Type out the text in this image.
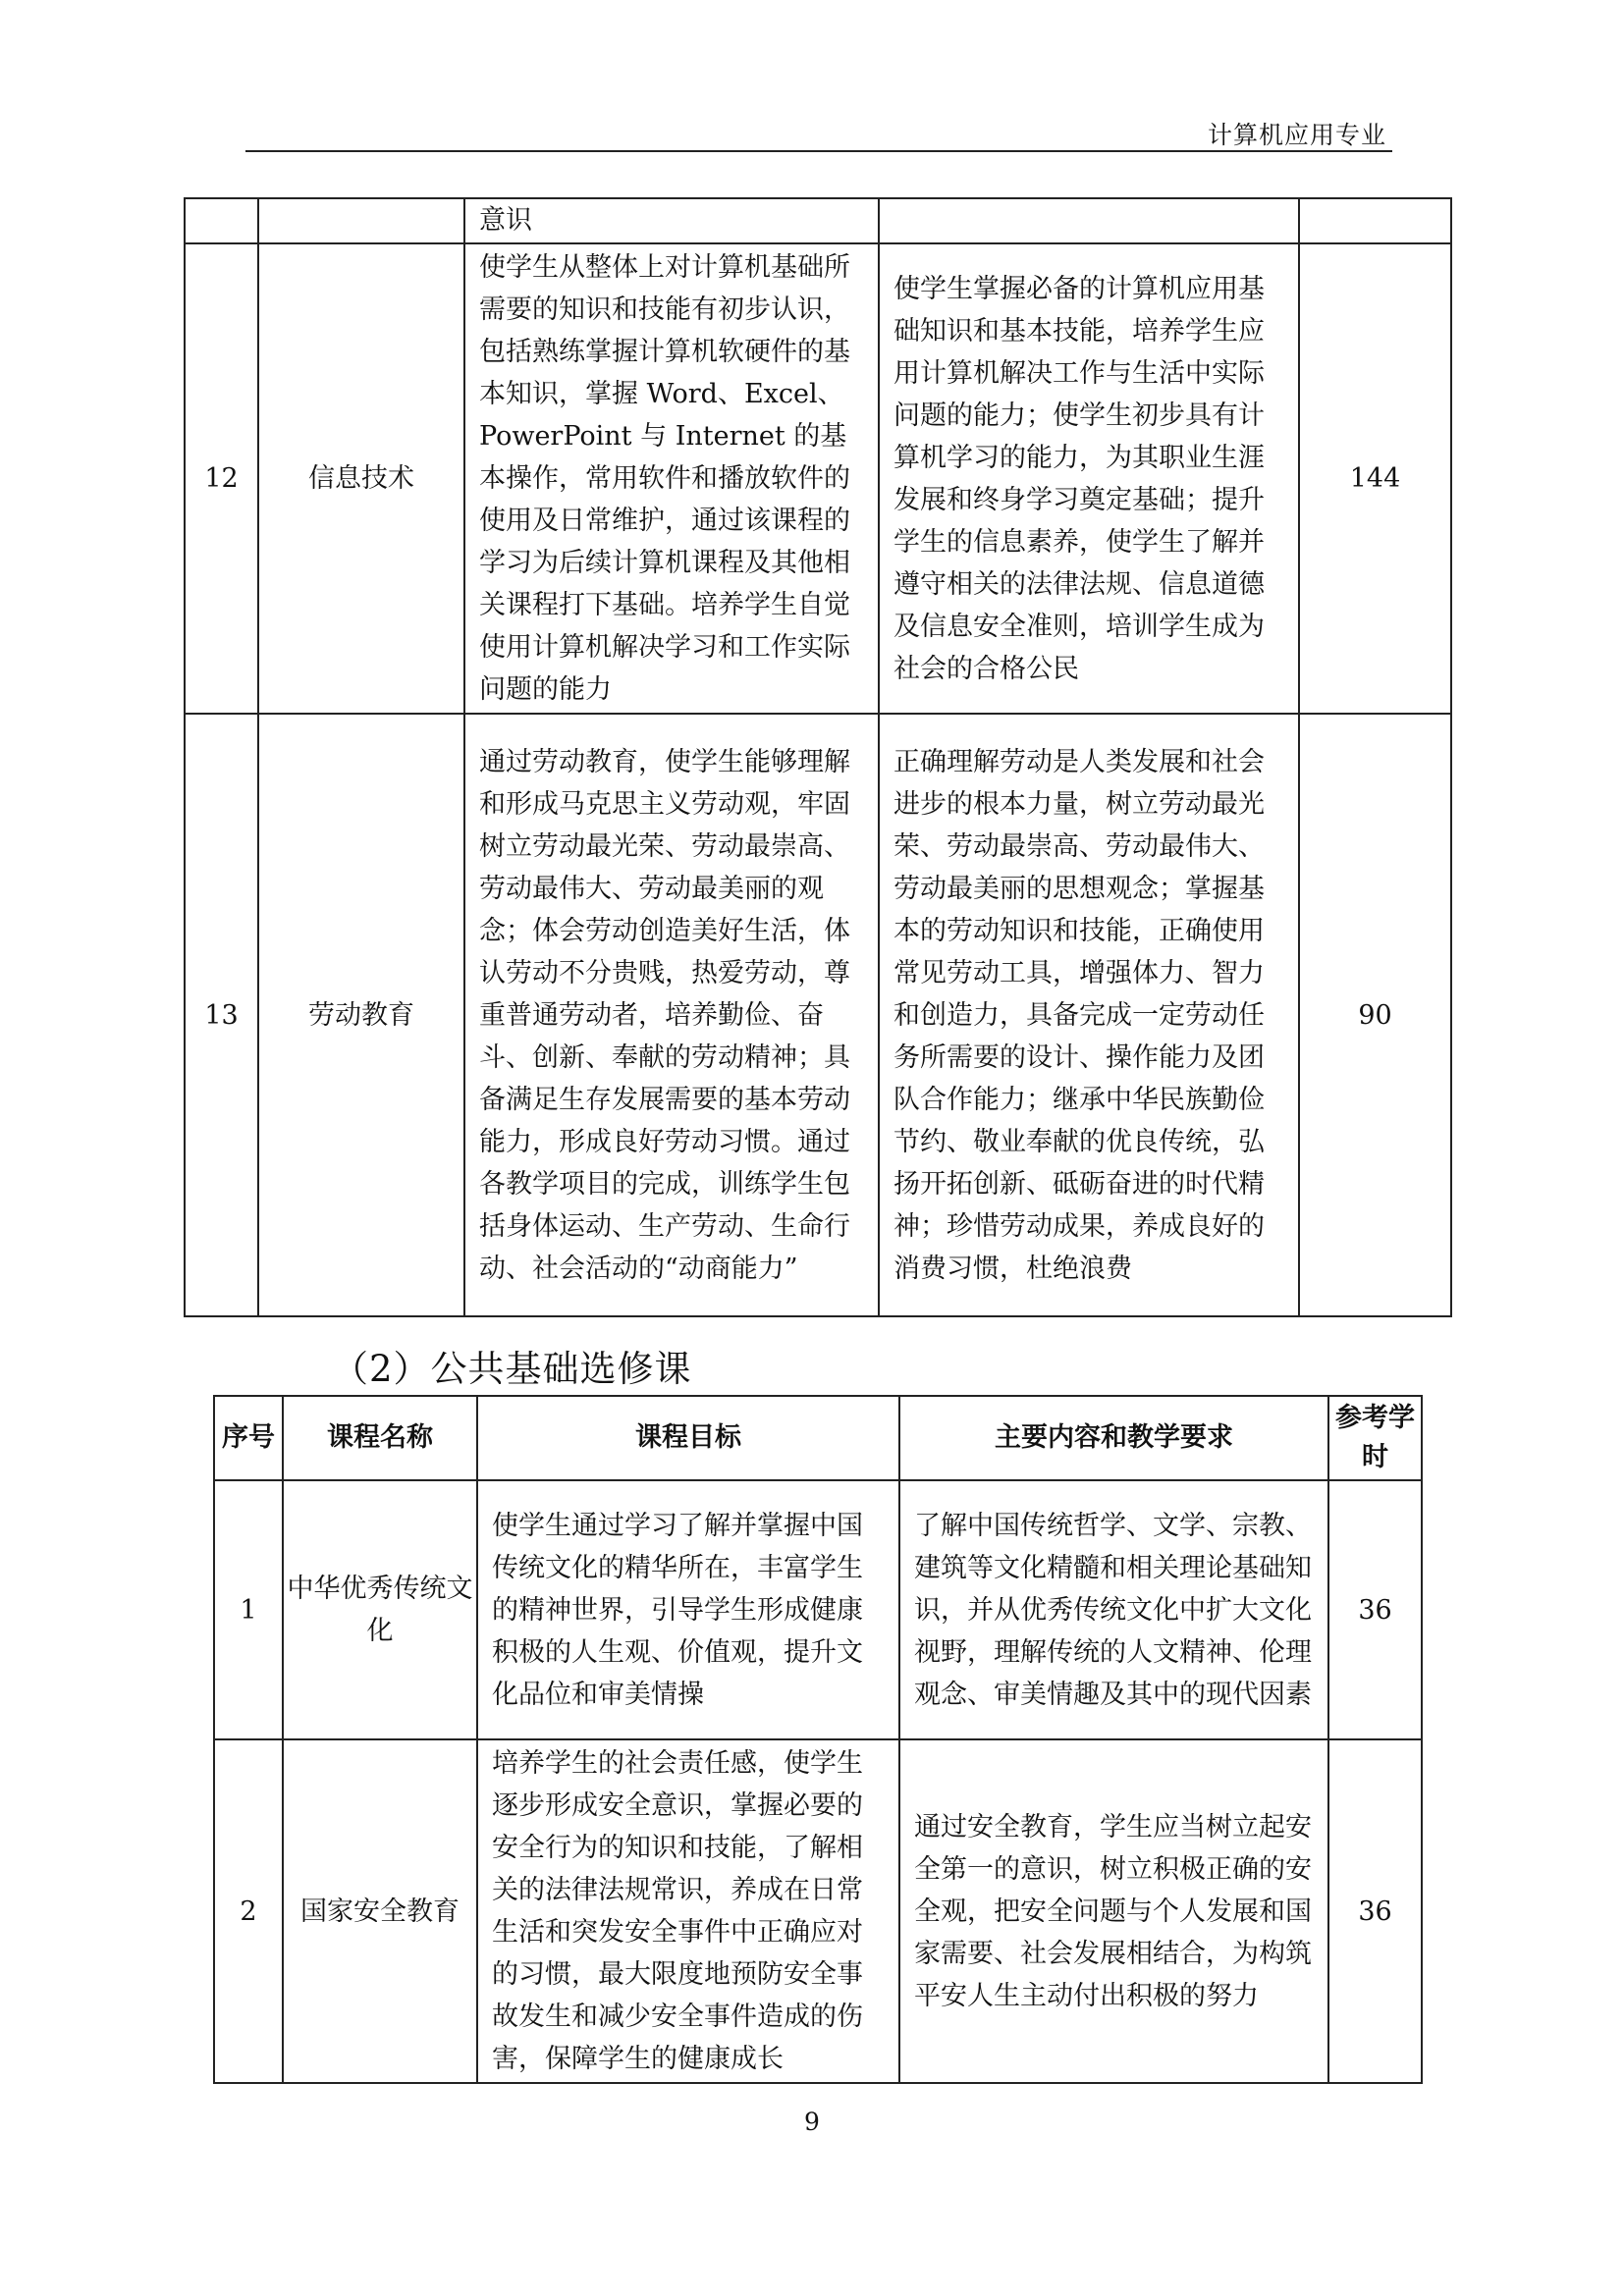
计算机应用专业
		意识		
12	信息技术	使学生从整体上对计算机基础所需要的知识和技能有初步认识，包括熟练掌握计算机软硬件的基本知识，掌握 Word、Excel、PowerPoint 与 Internet 的基本操作，常用软件和播放软件的使用及日常维护，通过该课程的学习为后续计算机课程及其他相关课程打下基础。培养学生自觉使用计算机解决学习和工作实际问题的能力	使学生掌握必备的计算机应用基础知识和基本技能，培养学生应用计算机解决工作与生活中实际问题的能力；使学生初步具有计算机学习的能力，为其职业生涯发展和终身学习奠定基础；提升学生的信息素养，使学生了解并遵守相关的法律法规、信息道德及信息安全准则，培训学生成为社会的合格公民	144
13	劳动教育	通过劳动教育，使学生能够理解和形成马克思主义劳动观，牢固树立劳动最光荣、劳动最崇高、劳动最伟大、劳动最美丽的观念；体会劳动创造美好生活，体认劳动不分贵贱，热爱劳动，尊重普通劳动者，培养勤俭、奋斗、创新、奉献的劳动精神；具备满足生存发展需要的基本劳动能力，形成良好劳动习惯。通过各教学项目的完成，训练学生包括身体运动、生产劳动、生命行动、社会活动的“动商能力”	正确理解劳动是人类发展和社会进步的根本力量，树立劳动最光荣、劳动最崇高、劳动最伟大、劳动最美丽的思想观念；掌握基本的劳动知识和技能，正确使用常见劳动工具，增强体力、智力和创造力，具备完成一定劳动任务所需要的设计、操作能力及团队合作能力；继承中华民族勤俭节约、敬业奉献的优良传统，弘扬开拓创新、砥砺奋进的时代精神；珍惜劳动成果，养成良好的消费习惯，杜绝浪费	90
（2）公共基础选修课
序号	课程名称	课程目标	主要内容和教学要求	参考学时
1	中华优秀传统文化	使学生通过学习了解并掌握中国传统文化的精华所在，丰富学生的精神世界，引导学生形成健康积极的人生观、价值观，提升文化品位和审美情操	了解中国传统哲学、文学、宗教、建筑等文化精髓和相关理论基础知识，并从优秀传统文化中扩大文化视野，理解传统的人文精神、伦理观念、审美情趣及其中的现代因素	36
2	国家安全教育	培养学生的社会责任感，使学生逐步形成安全意识，掌握必要的安全行为的知识和技能，了解相关的法律法规常识，养成在日常生活和突发安全事件中正确应对的习惯，最大限度地预防安全事故发生和减少安全事件造成的伤害，保障学生的健康成长	通过安全教育，学生应当树立起安全第一的意识，树立积极正确的安全观，把安全问题与个人发展和国家需要、社会发展相结合，为构筑平安人生主动付出积极的努力	36
9
